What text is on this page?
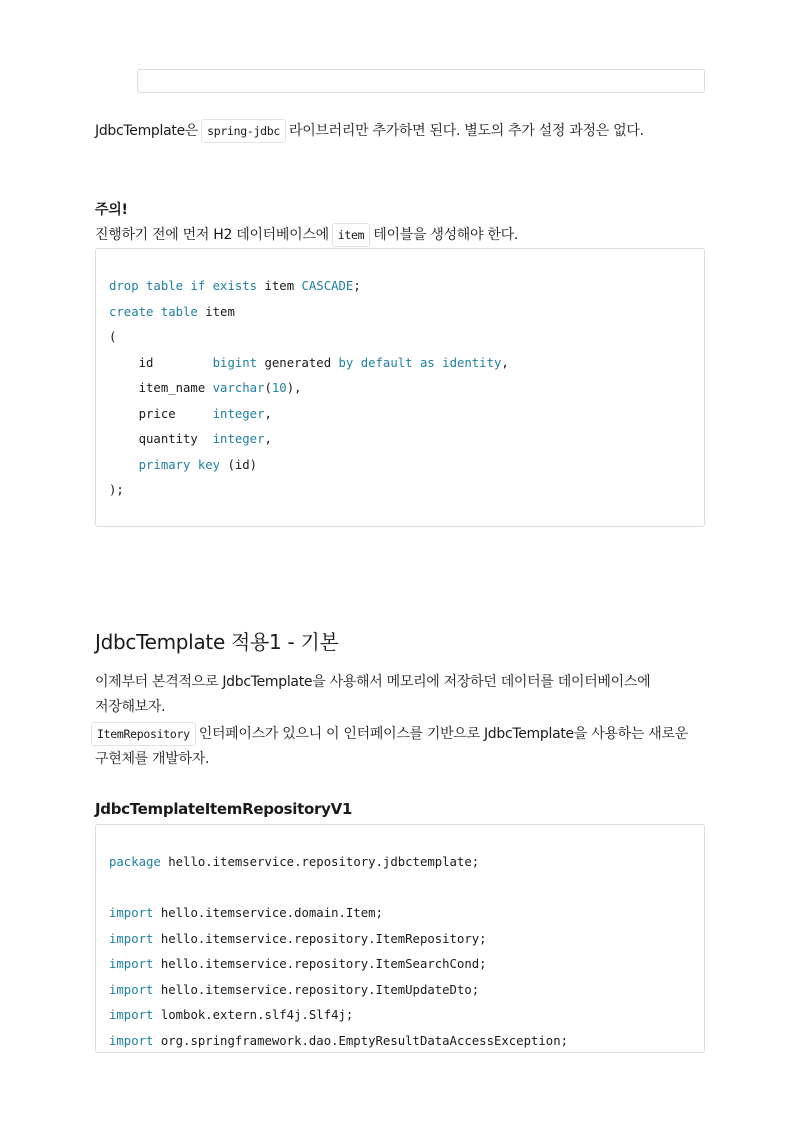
JdbcTemplate은 spring-jdbc 라이브러리만 추가하면 된다. 별도의 추가 설정 과정은 없다.
주의!
진행하기 전에 먼저 H2 데이터베이스에 item 테이블을 생성해야 한다.
drop table if exists item CASCADE;
create table item
(
id        bigint generated by default as identity,
item_name varchar(10),
price     integer,
quantity  integer,
primary key (id)
);
JdbcTemplate 적용1 - 기본
이제부터 본격적으로 JdbcTemplate을 사용해서 메모리에 저장하던 데이터를 데이터베이스에
저장해보자.
ItemRepository 인터페이스가 있으니 이 인터페이스를 기반으로 JdbcTemplate을 사용하는 새로운
구현체를 개발하자.
JdbcTemplateItemRepositoryV1
package hello.itemservice.repository.jdbctemplate;
import hello.itemservice.domain.Item;
import hello.itemservice.repository.ItemRepository;
import hello.itemservice.repository.ItemSearchCond;
import hello.itemservice.repository.ItemUpdateDto;
import lombok.extern.slf4j.Slf4j;
import org.springframework.dao.EmptyResultDataAccessException;
